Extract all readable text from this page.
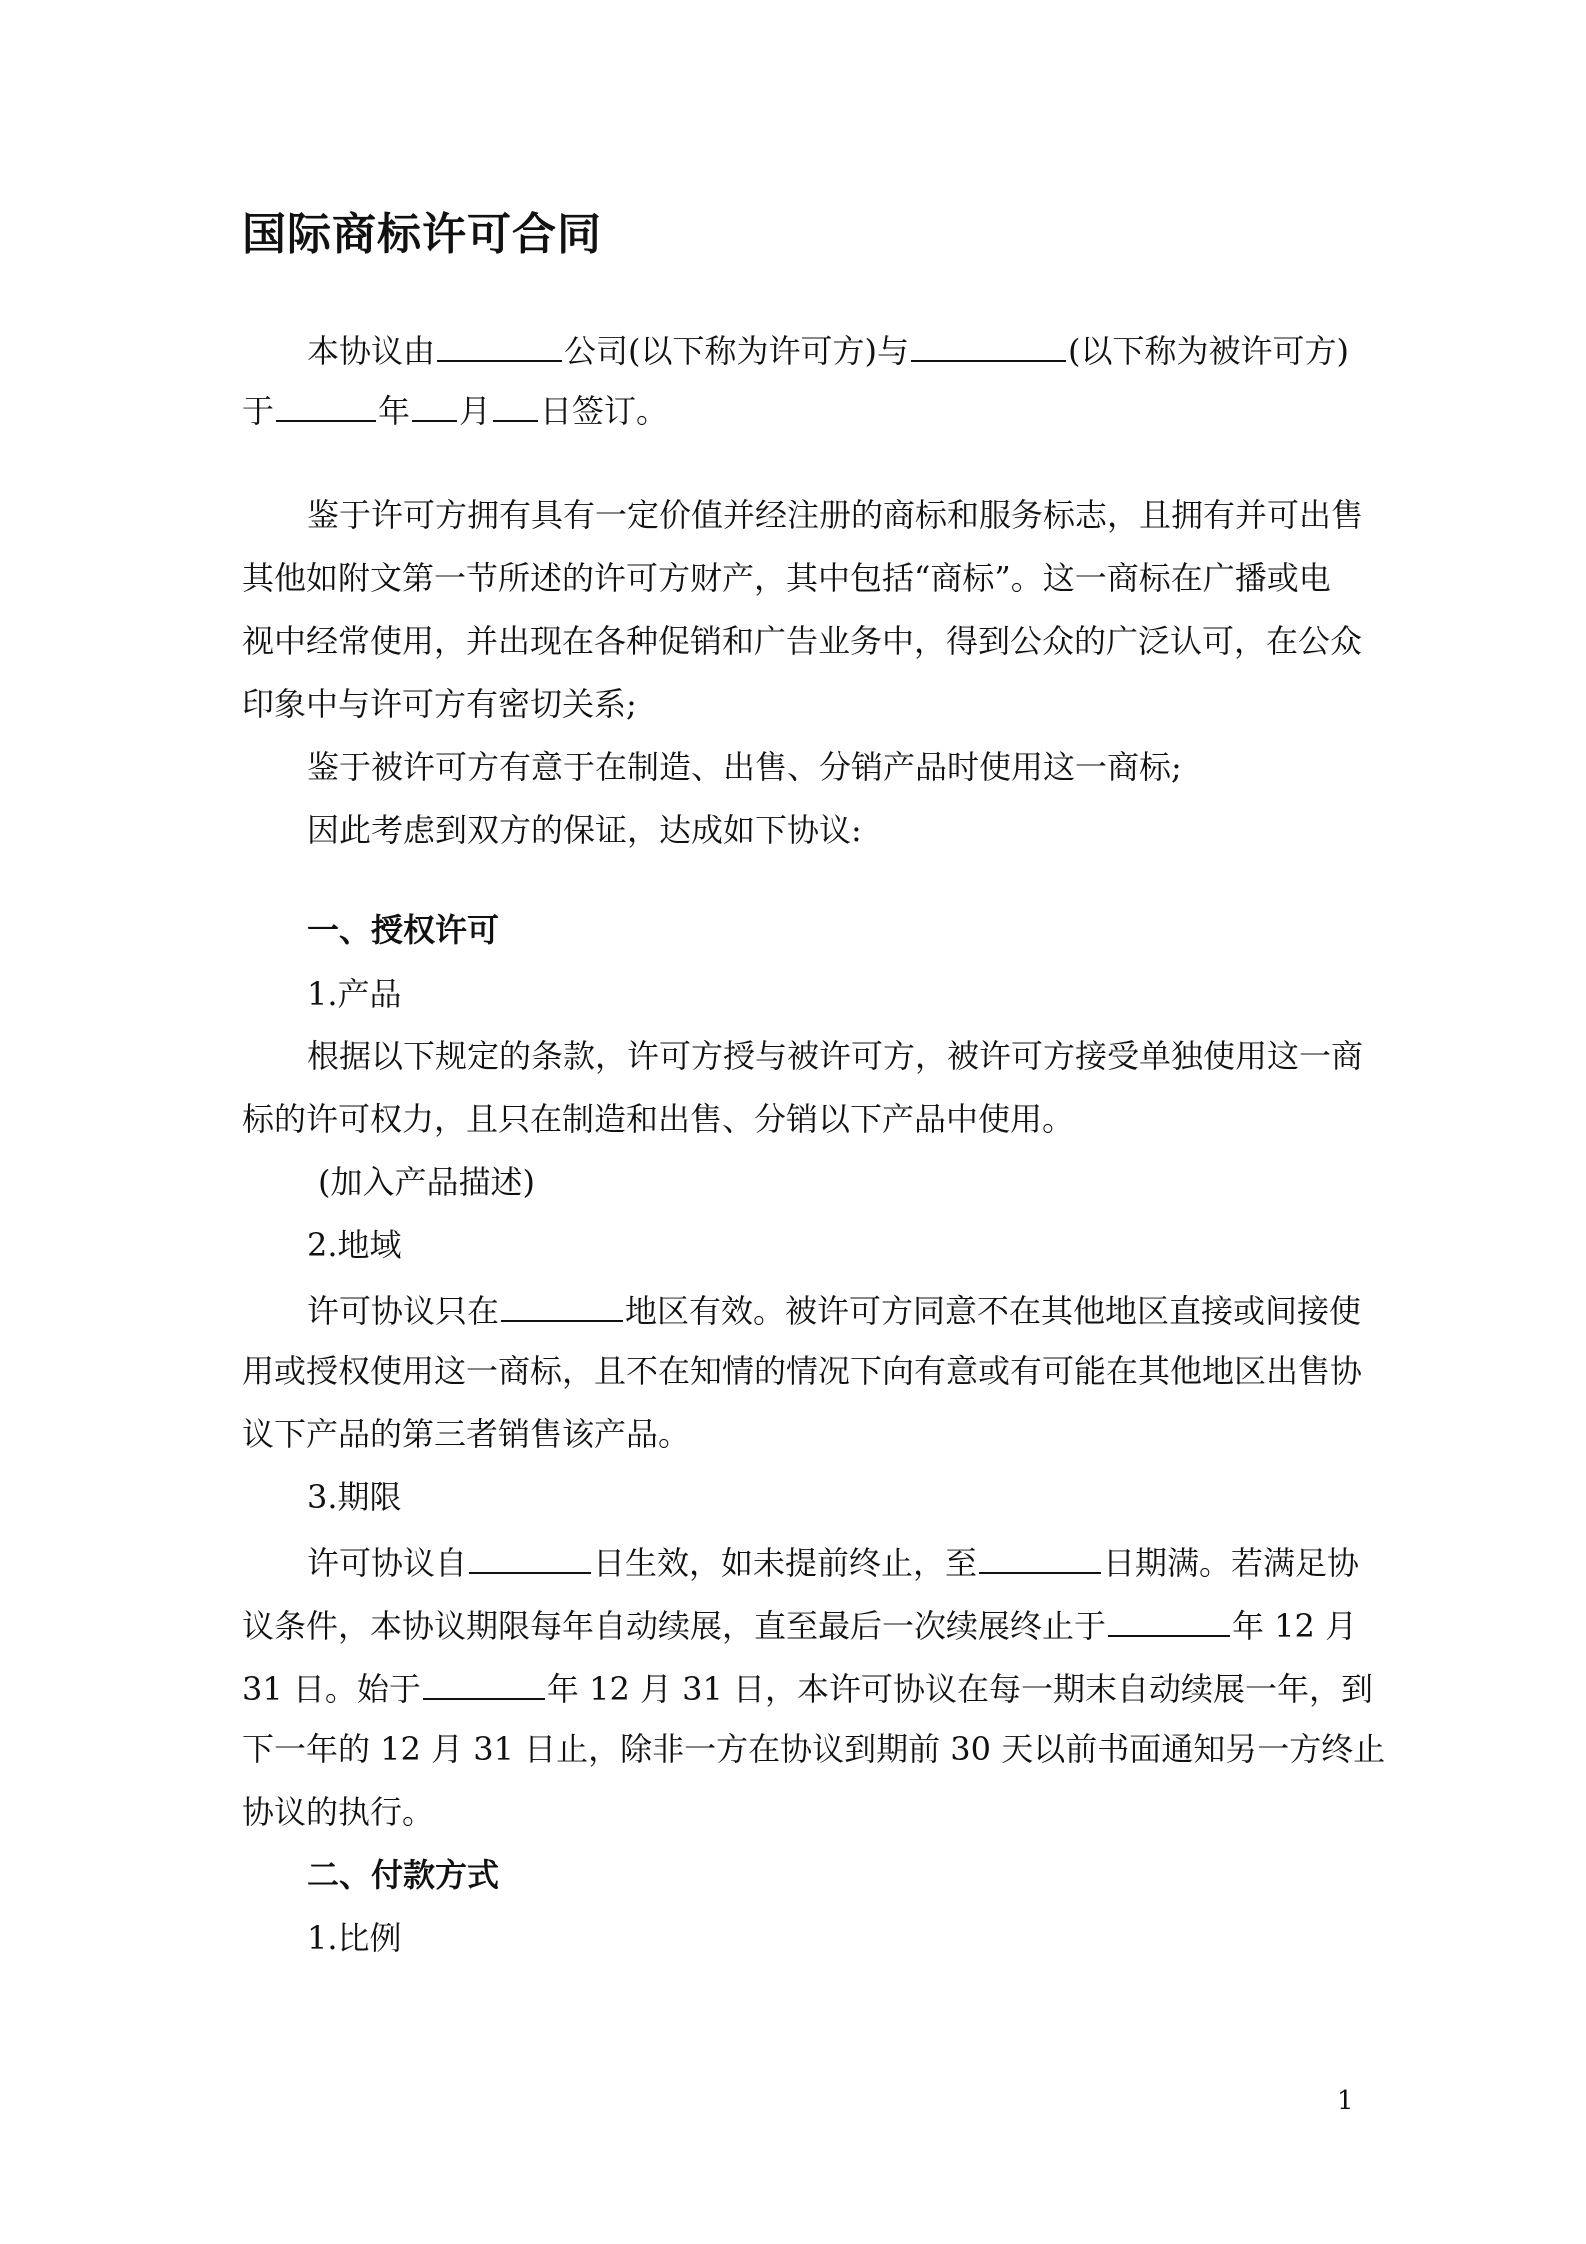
国际商标许可合同
本协议由	公司(以下称为许可方)与	(以下称为被许可方)
于	年 月 日签订。
鉴于许可方拥有具有一定价值并经注册的商标和服务标志，且拥有并可出售
其他如附文第一节所述的许可方财产，其中包括“商标”。这一商标在广播或电
视中经常使用，并出现在各种促销和广告业务中，得到公众的广泛认可，在公众
印象中与许可方有密切关系;
鉴于被许可方有意于在制造、出售、分销产品时使用这一商标;
因此考虑到双方的保证，达成如下协议:
一、授权许可
1.产品
根据以下规定的条款，许可方授与被许可方，被许可方接受单独使用这一商
标的许可权力，且只在制造和出售、分销以下产品中使用。
(加入产品描述)
2.地域
许可协议只在	地区有效。被许可方同意不在其他地区直接或间接使
用或授权使用这一商标，且不在知情的情况下向有意或有可能在其他地区出售协
议下产品的第三者销售该产品。
3.期限
许可协议自	日生效，如未提前终止，至	日期满。若满足协
议条件，本协议期限每年自动续展，直至最后一次续展终止于	年 12 月
31 日。始于	年 12 月 31 日，本许可协议在每一期末自动续展一年，到
下一年的 12 月 31 日止，除非一方在协议到期前 30 天以前书面通知另一方终止
协议的执行。
二、付款方式
1.比例
1
